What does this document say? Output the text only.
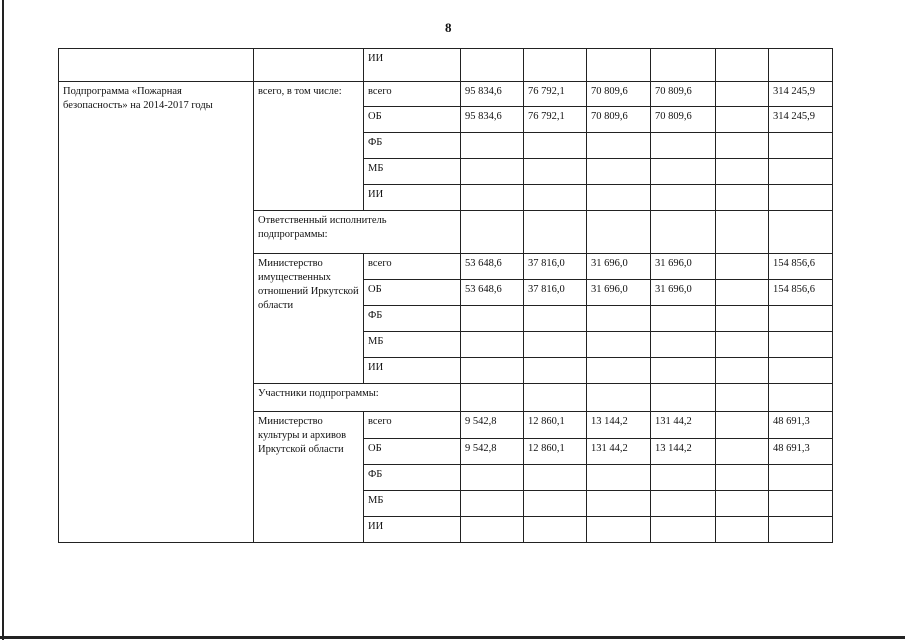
8
		ИИ						
Подпрограмма «Пожарная безопасность» на 2014-2017 годы	всего, в том числе:	всего	95 834,6	76 792,1	70 809,6	70 809,6		314 245,9
		ОБ	95 834,6	76 792,1	70 809,6	70 809,6		314 245,9
		ФБ						
		МБ						
		ИИ						
	Ответственный исполнитель подпрограммы:							
	Министерство имущественных отношений Иркутской области	всего	53 648,6	37 816,0	31 696,0	31 696,0		154 856,6
		ОБ	53 648,6	37 816,0	31 696,0	31 696,0		154 856,6
		ФБ						
		МБ						
		ИИ						
	Участники подпрограммы:							
	Министерство культуры и архивов Иркутской области	всего	9 542,8	12 860,1	13 144,2	131 44,2		48 691,3
		ОБ	9 542,8	12 860,1	131 44,2	13 144,2		48 691,3
		ФБ						
		МБ						
		ИИ						
